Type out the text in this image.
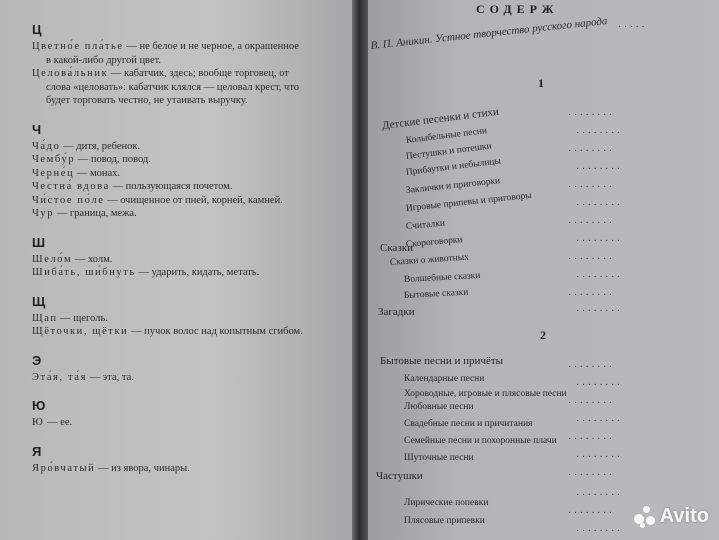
Ц
Цветно́е пла́тье — не белое и не черное, а окрашенное
в какой-либо другой цвет.
Целова́льник — кабатчик, здесь; вообще торговец, от
слова «целовать»: кабатчик клялся — целовал крест, что
будет торговать честно, не утаивать выручку.
Ч
Ча́до — дитя, ребенок.
Чембу́р — повод, повод.
Черне́ц — монах.
Честна́ вдова — пользующаяся почетом.
Чи́стое по́ле — очищенное от пней, корней, камней.
Чур — граница, межа.
Ш
Шело́м — холм.
Шиба́ть, ши́бнуть — ударить, кидать, метать.
Щ
Щап — щеголь.
Щёточки, щётки — пучок волос над копытным сгибом.
Э
Эта́я, та́я — эта, та.
Ю
Ю — ее.
Я
Яро́вчатый — из явора, чинары.
СОДЕРЖ
В. П. Аникин. Устное творчество русского народа
1
2
Детские песенки и стихи
Колыбельные песни
Пестушки и потешки
Прибаутки и небылицы
Заклички и приговорки
Игровые припевы и приговоры
Считалки
Скороговорки
Сказки
Сказки о животных
Волшебные сказки
Бытовые сказки
Загадки
Бытовые песни и причёты
Календарные песни
Хороводные, игровые и плясовые песни
Любовные песни
Свадебные песни и причитания
Семейные песни и похоронные плачи
Шуточные песни
Частушки
Лирические попевки
Плясовые припевки
· · · · · · · ·
· · · · · · · ·
· · · · · · · ·
· · · · · · · ·
· · · · · · · ·
· · · · · · · ·
· · · · · · · ·
· · · · · · · ·
· · · · · · · ·
· · · · · · · ·
· · · · · · · ·
· · · · · · · ·
· · · · · · · ·
· · · · · · · ·
· · · · · · · ·
· · · · · · · ·
· · · · · · · ·
· · · · · · · ·
· · · · · · · ·
· · · · · · · ·
· · · · · · · ·
· · · · · · · ·
· · · · ·
Avito
